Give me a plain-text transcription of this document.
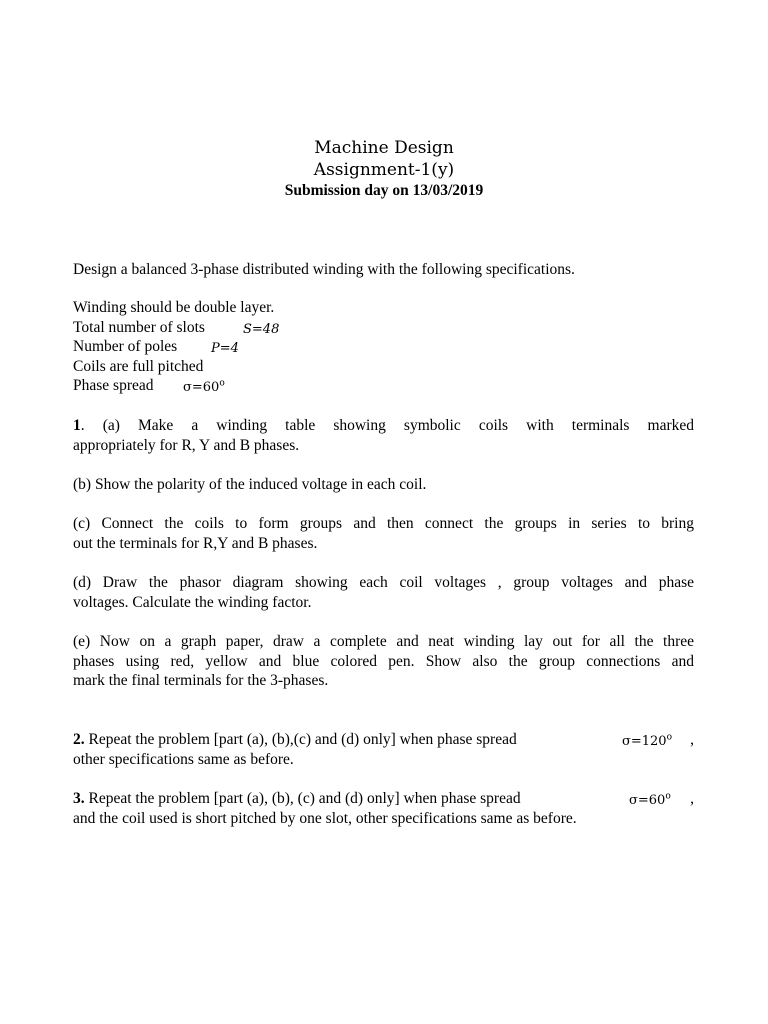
Machine Design
Assignment-1(y)
Submission day on 13/03/2019
Design a balanced 3-phase distributed winding with the following specifications.
Winding should be double layer.
Total number of slots	S=48
Number of poles	P=4
Coils are full pitched
Phase spread $\sigma=60^o$
1. (a) Make a winding table showing symbolic coils with terminals marked
appropriately for R, Y and B phases.
(b) Show the polarity of the induced voltage in each coil.
(c) Connect the coils to form groups and then connect the groups in series to bring
out the terminals for R,Y and B phases.
(d) Draw the phasor diagram showing each coil voltages , group voltages and phase
voltages. Calculate the winding factor.
(e) Now on a graph paper, draw a complete and neat winding lay out for all the three
phases using red, yellow and blue colored pen. Show also the group connections and
mark the final terminals for the 3-phases.
2. Repeat the problem [part (a), (b),(c) and (d) only] when phase spread	$\sigma=120^o$ ,
other specifications same as before.
3. Repeat the problem [part (a), (b), (c) and (d) only] when phase spread	$\sigma=60^o$ ,
and the coil used is short pitched by one slot, other specifications same as before.
